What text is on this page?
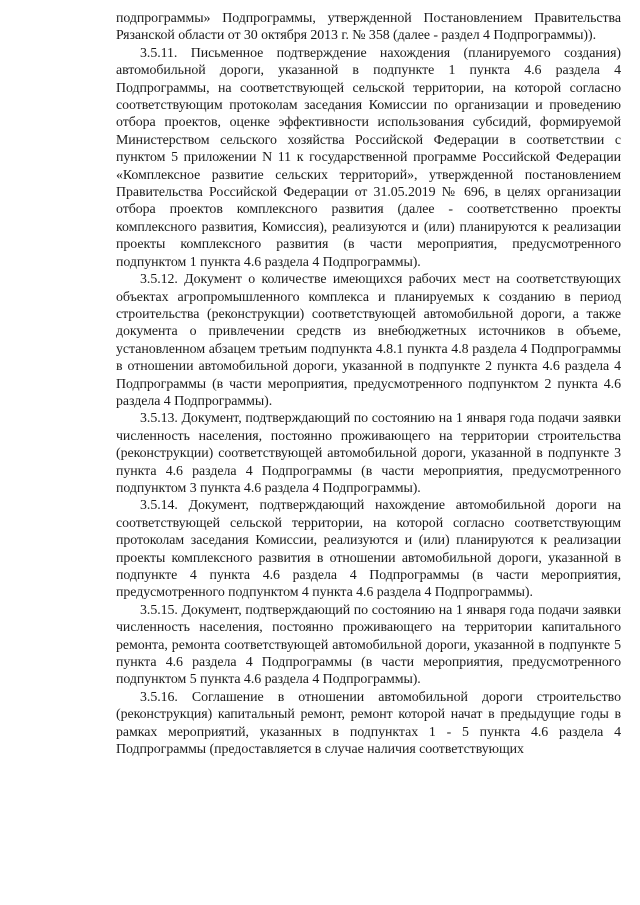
подпрограммы» Подпрограммы, утвержденной Постановлением Правительства Рязанской области от 30 октября 2013 г. № 358 (далее - раздел 4 Подпрограммы)).

3.5.11. Письменное подтверждение нахождения (планируемого создания) автомобильной дороги, указанной в подпункте 1 пункта 4.6 раздела 4 Подпрограммы, на соответствующей сельской территории, на которой согласно соответствующим протоколам заседания Комиссии по организации и проведению отбора проектов, оценке эффективности использования субсидий, формируемой Министерством сельского хозяйства Российской Федерации в соответствии с пунктом 5 приложении N 11 к государственной программе Российской Федерации «Комплексное развитие сельских территорий», утвержденной постановлением Правительства Российской Федерации от 31.05.2019 № 696, в целях организации отбора проектов комплексного развития (далее - соответственно проекты комплексного развития, Комиссия), реализуются и (или) планируются к реализации проекты комплексного развития (в части мероприятия, предусмотренного подпунктом 1 пункта 4.6 раздела 4 Подпрограммы).

3.5.12. Документ о количестве имеющихся рабочих мест на соответствующих объектах агропромышленного комплекса и планируемых к созданию в период строительства (реконструкции) соответствующей автомобильной дороги, а также документа о привлечении средств из внебюджетных источников в объеме, установленном абзацем третьим подпункта 4.8.1 пункта 4.8 раздела 4 Подпрограммы в отношении автомобильной дороги, указанной в подпункте 2 пункта 4.6 раздела 4 Подпрограммы (в части мероприятия, предусмотренного подпунктом 2 пункта 4.6 раздела 4 Подпрограммы).

3.5.13. Документ, подтверждающий по состоянию на 1 января года подачи заявки численность населения, постоянно проживающего на территории строительства (реконструкции) соответствующей автомобильной дороги, указанной в подпункте 3 пункта 4.6 раздела 4 Подпрограммы (в части мероприятия, предусмотренного подпунктом 3 пункта 4.6 раздела 4 Подпрограммы).

3.5.14. Документ, подтверждающий нахождение автомобильной дороги на соответствующей сельской территории, на которой согласно соответствующим протоколам заседания Комиссии, реализуются и (или) планируются к реализации проекты комплексного развития в отношении автомобильной дороги, указанной в подпункте 4 пункта 4.6 раздела 4 Подпрограммы (в части мероприятия, предусмотренного подпунктом 4 пункта 4.6 раздела 4 Подпрограммы).

3.5.15. Документ, подтверждающий по состоянию на 1 января года подачи заявки численность населения, постоянно проживающего на территории капитального ремонта, ремонта соответствующей автомобильной дороги, указанной в подпункте 5 пункта 4.6 раздела 4 Подпрограммы (в части мероприятия, предусмотренного подпунктом 5 пункта 4.6 раздела 4 Подпрограммы).

3.5.16. Соглашение в отношении автомобильной дороги строительство (реконструкция) капитальный ремонт, ремонт которой начат в предыдущие годы в рамках мероприятий, указанных в подпунктах 1 - 5 пункта 4.6 раздела 4 Подпрограммы (предоставляется в случае наличия соответствующих
